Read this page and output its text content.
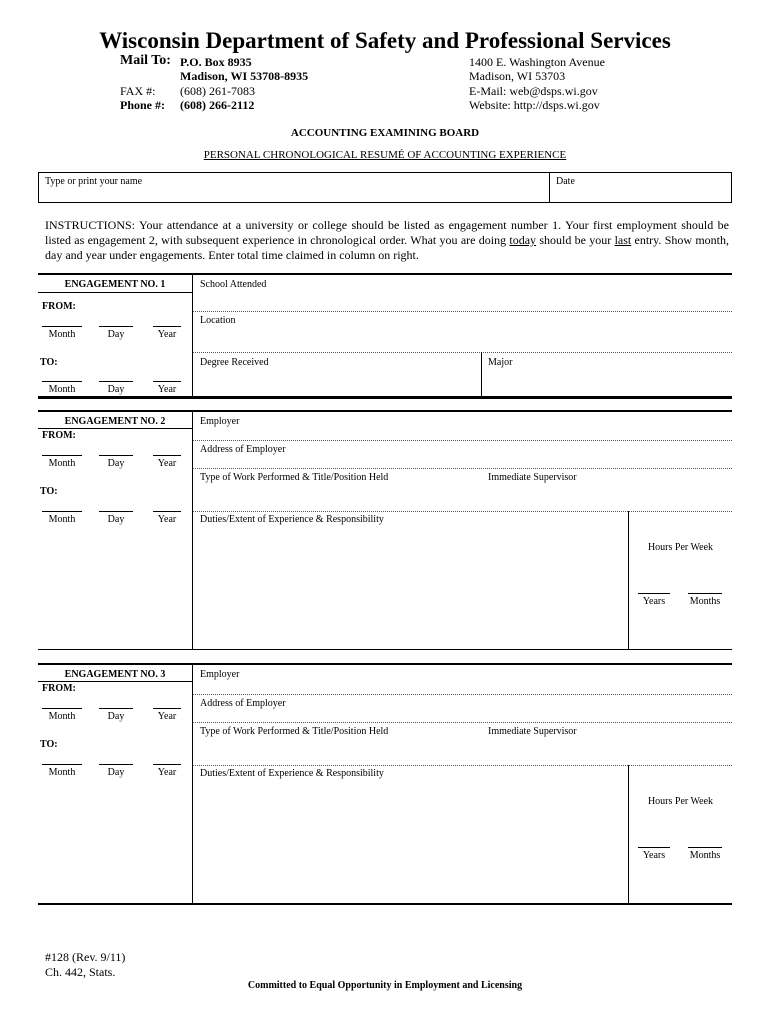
Wisconsin Department of Safety and Professional Services
Mail To: P.O. Box 8935
Madison, WI 53708-8935
FAX #: (608) 261-7083
Phone #: (608) 266-2112
1400 E. Washington Avenue
Madison, WI 53703
E-Mail: web@dsps.wi.gov
Website: http://dsps.wi.gov
ACCOUNTING EXAMINING BOARD
PERSONAL CHRONOLOGICAL RESUMÉ OF ACCOUNTING EXPERIENCE
Type or print your name	Date
INSTRUCTIONS: Your attendance at a university or college should be listed as engagement number 1. Your first employment should be listed as engagement 2, with subsequent experience in chronological order. What you are doing today should be your last entry. Show month, day and year under engagements. Enter total time claimed in column on right.
ENGAGEMENT NO. 1
FROM:
Month	Day	Year
TO:
Month	Day	Year
School Attended
Location
Degree Received	Major
ENGAGEMENT NO. 2
FROM:
Month	Day	Year
TO:
Month	Day	Year
Employer
Address of Employer
Type of Work Performed & Title/Position Held	Immediate Supervisor
Duties/Extent of Experience & Responsibility
Hours Per Week
Years	Months
ENGAGEMENT NO. 3
FROM:
Month	Day	Year
TO:
Month	Day	Year
Employer
Address of Employer
Type of Work Performed & Title/Position Held	Immediate Supervisor
Duties/Extent of Experience & Responsibility
Hours Per Week
Years	Months
#128 (Rev. 9/11)
Ch. 442, Stats.
Committed to Equal Opportunity in Employment and Licensing
